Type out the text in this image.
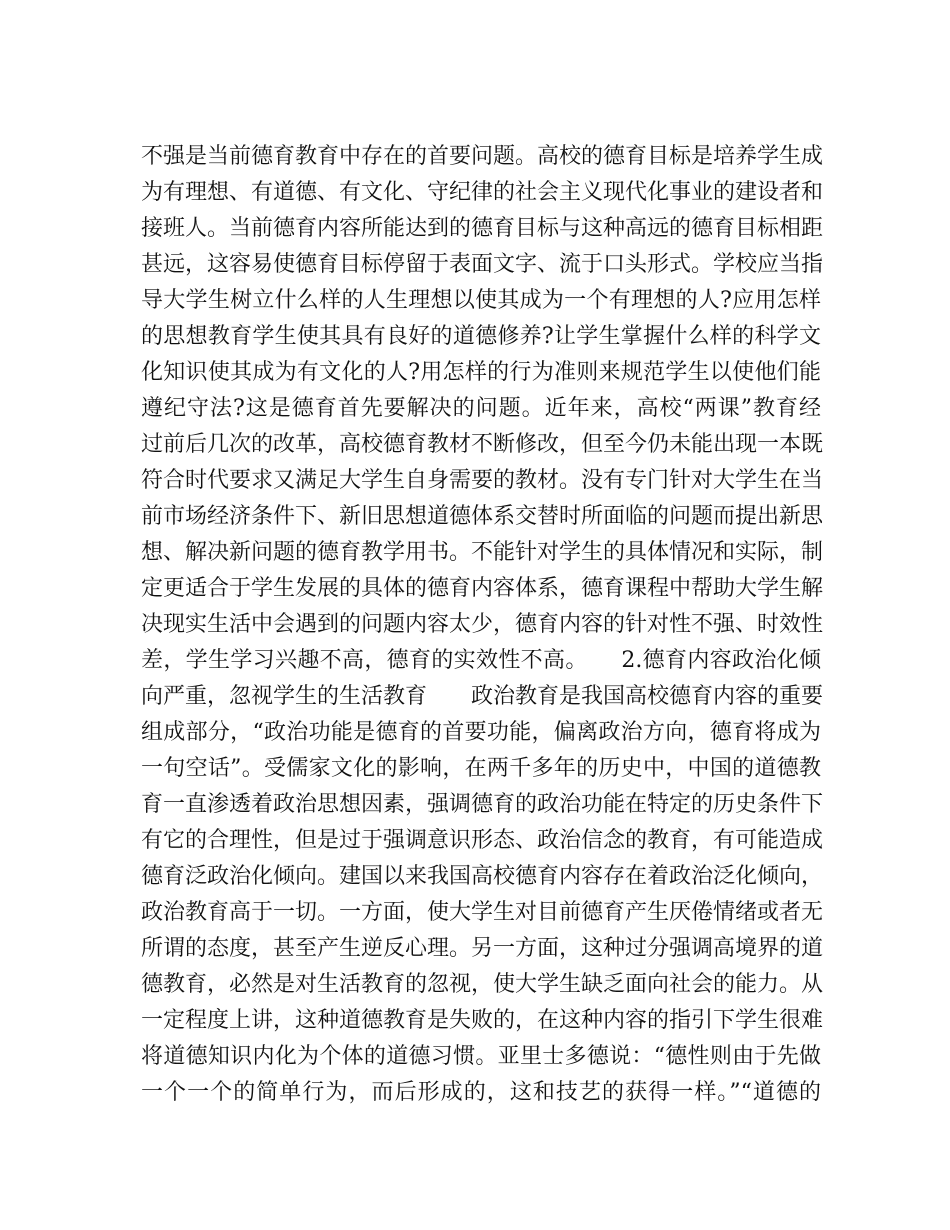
不强是当前德育教育中存在的首要问题。高校的德育目标是培养学生成
为有理想、有道德、有文化、守纪律的社会主义现代化事业的建设者和
接班人。当前德育内容所能达到的德育目标与这种高远的德育目标相距
甚远，这容易使德育目标停留于表面文字、流于口头形式。学校应当指
导大学生树立什么样的人生理想以使其成为一个有理想的人?应用怎样
的思想教育学生使其具有良好的道德修养?让学生掌握什么样的科学文
化知识使其成为有文化的人?用怎样的行为准则来规范学生以使他们能
遵纪守法?这是德育首先要解决的问题。近年来，高校“两课”教育经
过前后几次的改革，高校德育教材不断修改，但至今仍未能出现一本既
符合时代要求又满足大学生自身需要的教材。没有专门针对大学生在当
前市场经济条件下、新旧思想道德体系交替时所面临的问题而提出新思
想、解决新问题的德育教学用书。不能针对学生的具体情况和实际，制
定更适合于学生发展的具体的德育内容体系，德育课程中帮助大学生解
决现实生活中会遇到的问题内容太少，德育内容的针对性不强、时效性
差，学生学习兴趣不高，德育的实效性不高。　　2.德育内容政治化倾
向严重，忽视学生的生活教育　　政治教育是我国高校德育内容的重要
组成部分，“政治功能是德育的首要功能，偏离政治方向，德育将成为
一句空话”。受儒家文化的影响，在两千多年的历史中，中国的道德教
育一直渗透着政治思想因素，强调德育的政治功能在特定的历史条件下
有它的合理性，但是过于强调意识形态、政治信念的教育，有可能造成
德育泛政治化倾向。建国以来我国高校德育内容存在着政治泛化倾向，
政治教育高于一切。一方面，使大学生对目前德育产生厌倦情绪或者无
所谓的态度，甚至产生逆反心理。另一方面，这种过分强调高境界的道
德教育，必然是对生活教育的忽视，使大学生缺乏面向社会的能力。从
一定程度上讲，这种道德教育是失败的，在这种内容的指引下学生很难
将道德知识内化为个体的道德习惯。亚里士多德说：“德性则由于先做
一个一个的简单行为，而后形成的，这和技艺的获得一样。”“道德的
